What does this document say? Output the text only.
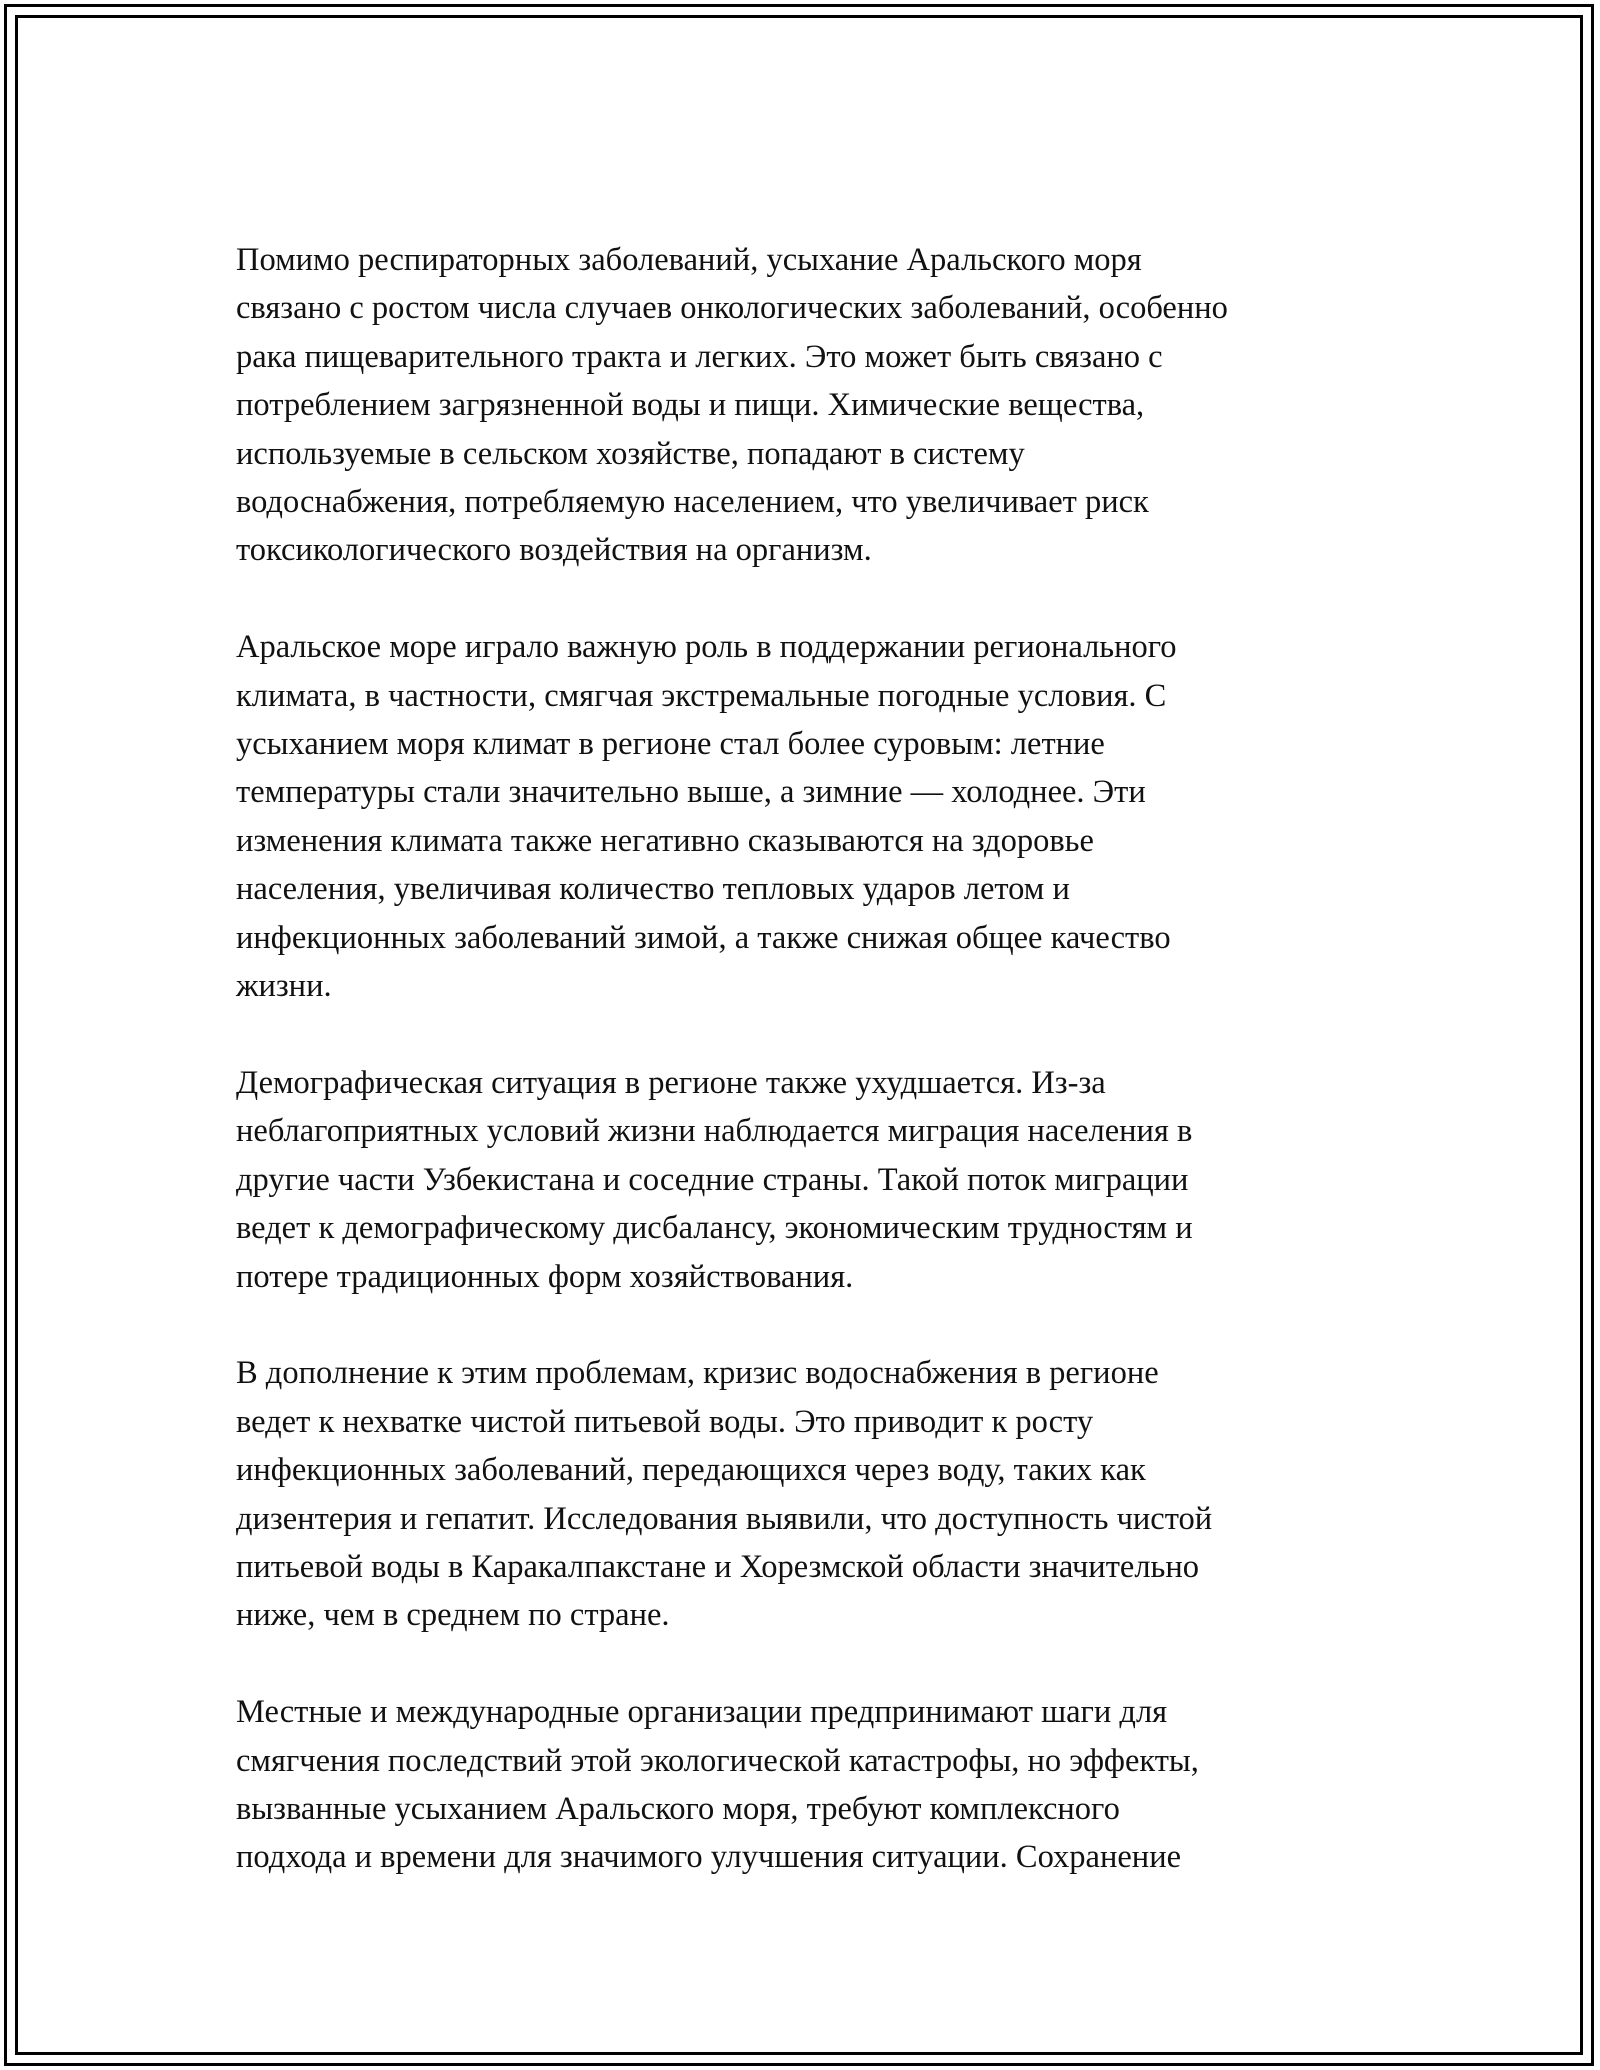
Помимо респираторных заболеваний, усыхание Аральского моря
связано с ростом числа случаев онкологических заболеваний, особенно
рака пищеварительного тракта и легких. Это может быть связано с
потреблением загрязненной воды и пищи. Химические вещества,
используемые в сельском хозяйстве, попадают в систему
водоснабжения, потребляемую населением, что увеличивает риск
токсикологического воздействия на организм.

Аральское море играло важную роль в поддержании регионального
климата, в частности, смягчая экстремальные погодные условия. С
усыханием моря климат в регионе стал более суровым: летние
температуры стали значительно выше, а зимние — холоднее. Эти
изменения климата также негативно сказываются на здоровье
населения, увеличивая количество тепловых ударов летом и
инфекционных заболеваний зимой, а также снижая общее качество
жизни.

Демографическая ситуация в регионе также ухудшается. Из-за
неблагоприятных условий жизни наблюдается миграция населения в
другие части Узбекистана и соседние страны. Такой поток миграции
ведет к демографическому дисбалансу, экономическим трудностям и
потере традиционных форм хозяйствования.

В дополнение к этим проблемам, кризис водоснабжения в регионе
ведет к нехватке чистой питьевой воды. Это приводит к росту
инфекционных заболеваний, передающихся через воду, таких как
дизентерия и гепатит. Исследования выявили, что доступность чистой
питьевой воды в Каракалпакстане и Хорезмской области значительно
ниже, чем в среднем по стране.

Местные и международные организации предпринимают шаги для
смягчения последствий этой экологической катастрофы, но эффекты,
вызванные усыханием Аральского моря, требуют комплексного
подхода и времени для значимого улучшения ситуации. Сохранение
